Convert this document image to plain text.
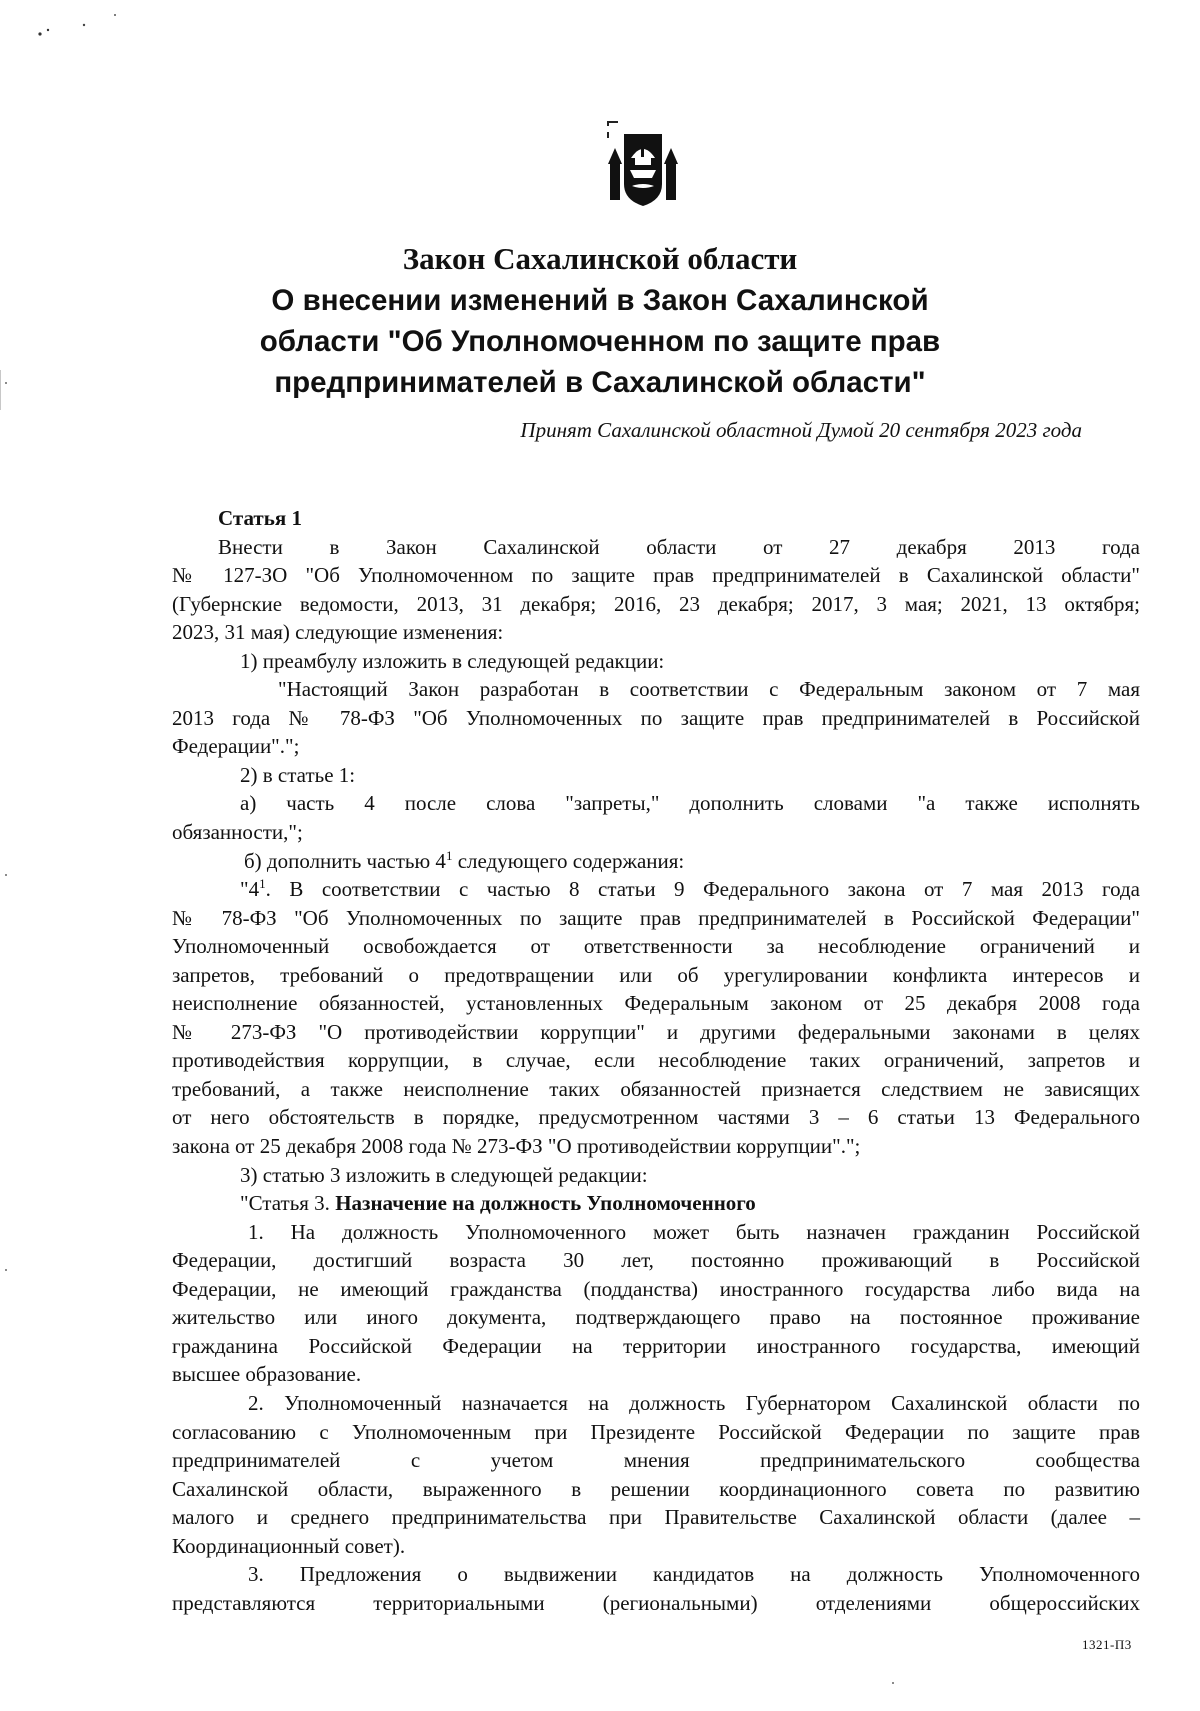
Закон Сахалинской области

О внесении изменений в Закон Сахалинской

области "Об Уполномоченном по защите прав

предпринимателей в Сахалинской области"

Принят Сахалинской областной Думой 20 сентября 2023 года
Статья 1
Внести в Закон Сахалинской области от 27 декабря 2013 года
№ 127-ЗО "Об Уполномоченном по защите прав предпринимателей в Сахалинской области"
(Губернские ведомости, 2013, 31 декабря; 2016, 23 декабря; 2017, 3 мая; 2021, 13 октября;
2023, 31 мая) следующие изменения:
1) преамбулу изложить в следующей редакции:
"Настоящий Закон разработан в соответствии с Федеральным законом от 7 мая
2013 года № 78-ФЗ "Об Уполномоченных по защите прав предпринимателей в Российской
Федерации".";
2) в статье 1:
а) часть 4 после слова "запреты," дополнить словами "а также исполнять
обязанности,";
б) дополнить частью $4^1$ следующего содержания:
"$4^1$. В соответствии с частью 8 статьи 9 Федерального закона от 7 мая 2013 года
№ 78-ФЗ "Об Уполномоченных по защите прав предпринимателей в Российской Федерации"
Уполномоченный освобождается от ответственности за несоблюдение ограничений и
запретов, требований о предотвращении или об урегулировании конфликта интересов и
неисполнение обязанностей, установленных Федеральным законом от 25 декабря 2008 года
№ 273-ФЗ "О противодействии коррупции" и другими федеральными законами в целях
противодействия коррупции, в случае, если несоблюдение таких ограничений, запретов и
требований, а также неисполнение таких обязанностей признается следствием не зависящих
от него обстоятельств в порядке, предусмотренном частями 3 – 6 статьи 13 Федерального
закона от 25 декабря 2008 года № 273-ФЗ "О противодействии коррупции".";
3) статью 3 изложить в следующей редакции:
"Статья 3. Назначение на должность Уполномоченного
1. На должность Уполномоченного может быть назначен гражданин Российской
Федерации, достигший возраста 30 лет, постоянно проживающий в Российской
Федерации, не имеющий гражданства (подданства) иностранного государства либо вида на
жительство или иного документа, подтверждающего право на постоянное проживание
гражданина Российской Федерации на территории иностранного государства, имеющий
высшее образование.
2. Уполномоченный назначается на должность Губернатором Сахалинской области по
согласованию с Уполномоченным при Президенте Российской Федерации по защите прав
предпринимателей с учетом мнения предпринимательского сообщества
Сахалинской области, выраженного в решении координационного совета по развитию
малого и среднего предпринимательства при Правительстве Сахалинской области (далее –
Координационный совет).
3. Предложения о выдвижении кандидатов на должность Уполномоченного
представляются территориальными (региональными) отделениями общероссийских
1321-П3
